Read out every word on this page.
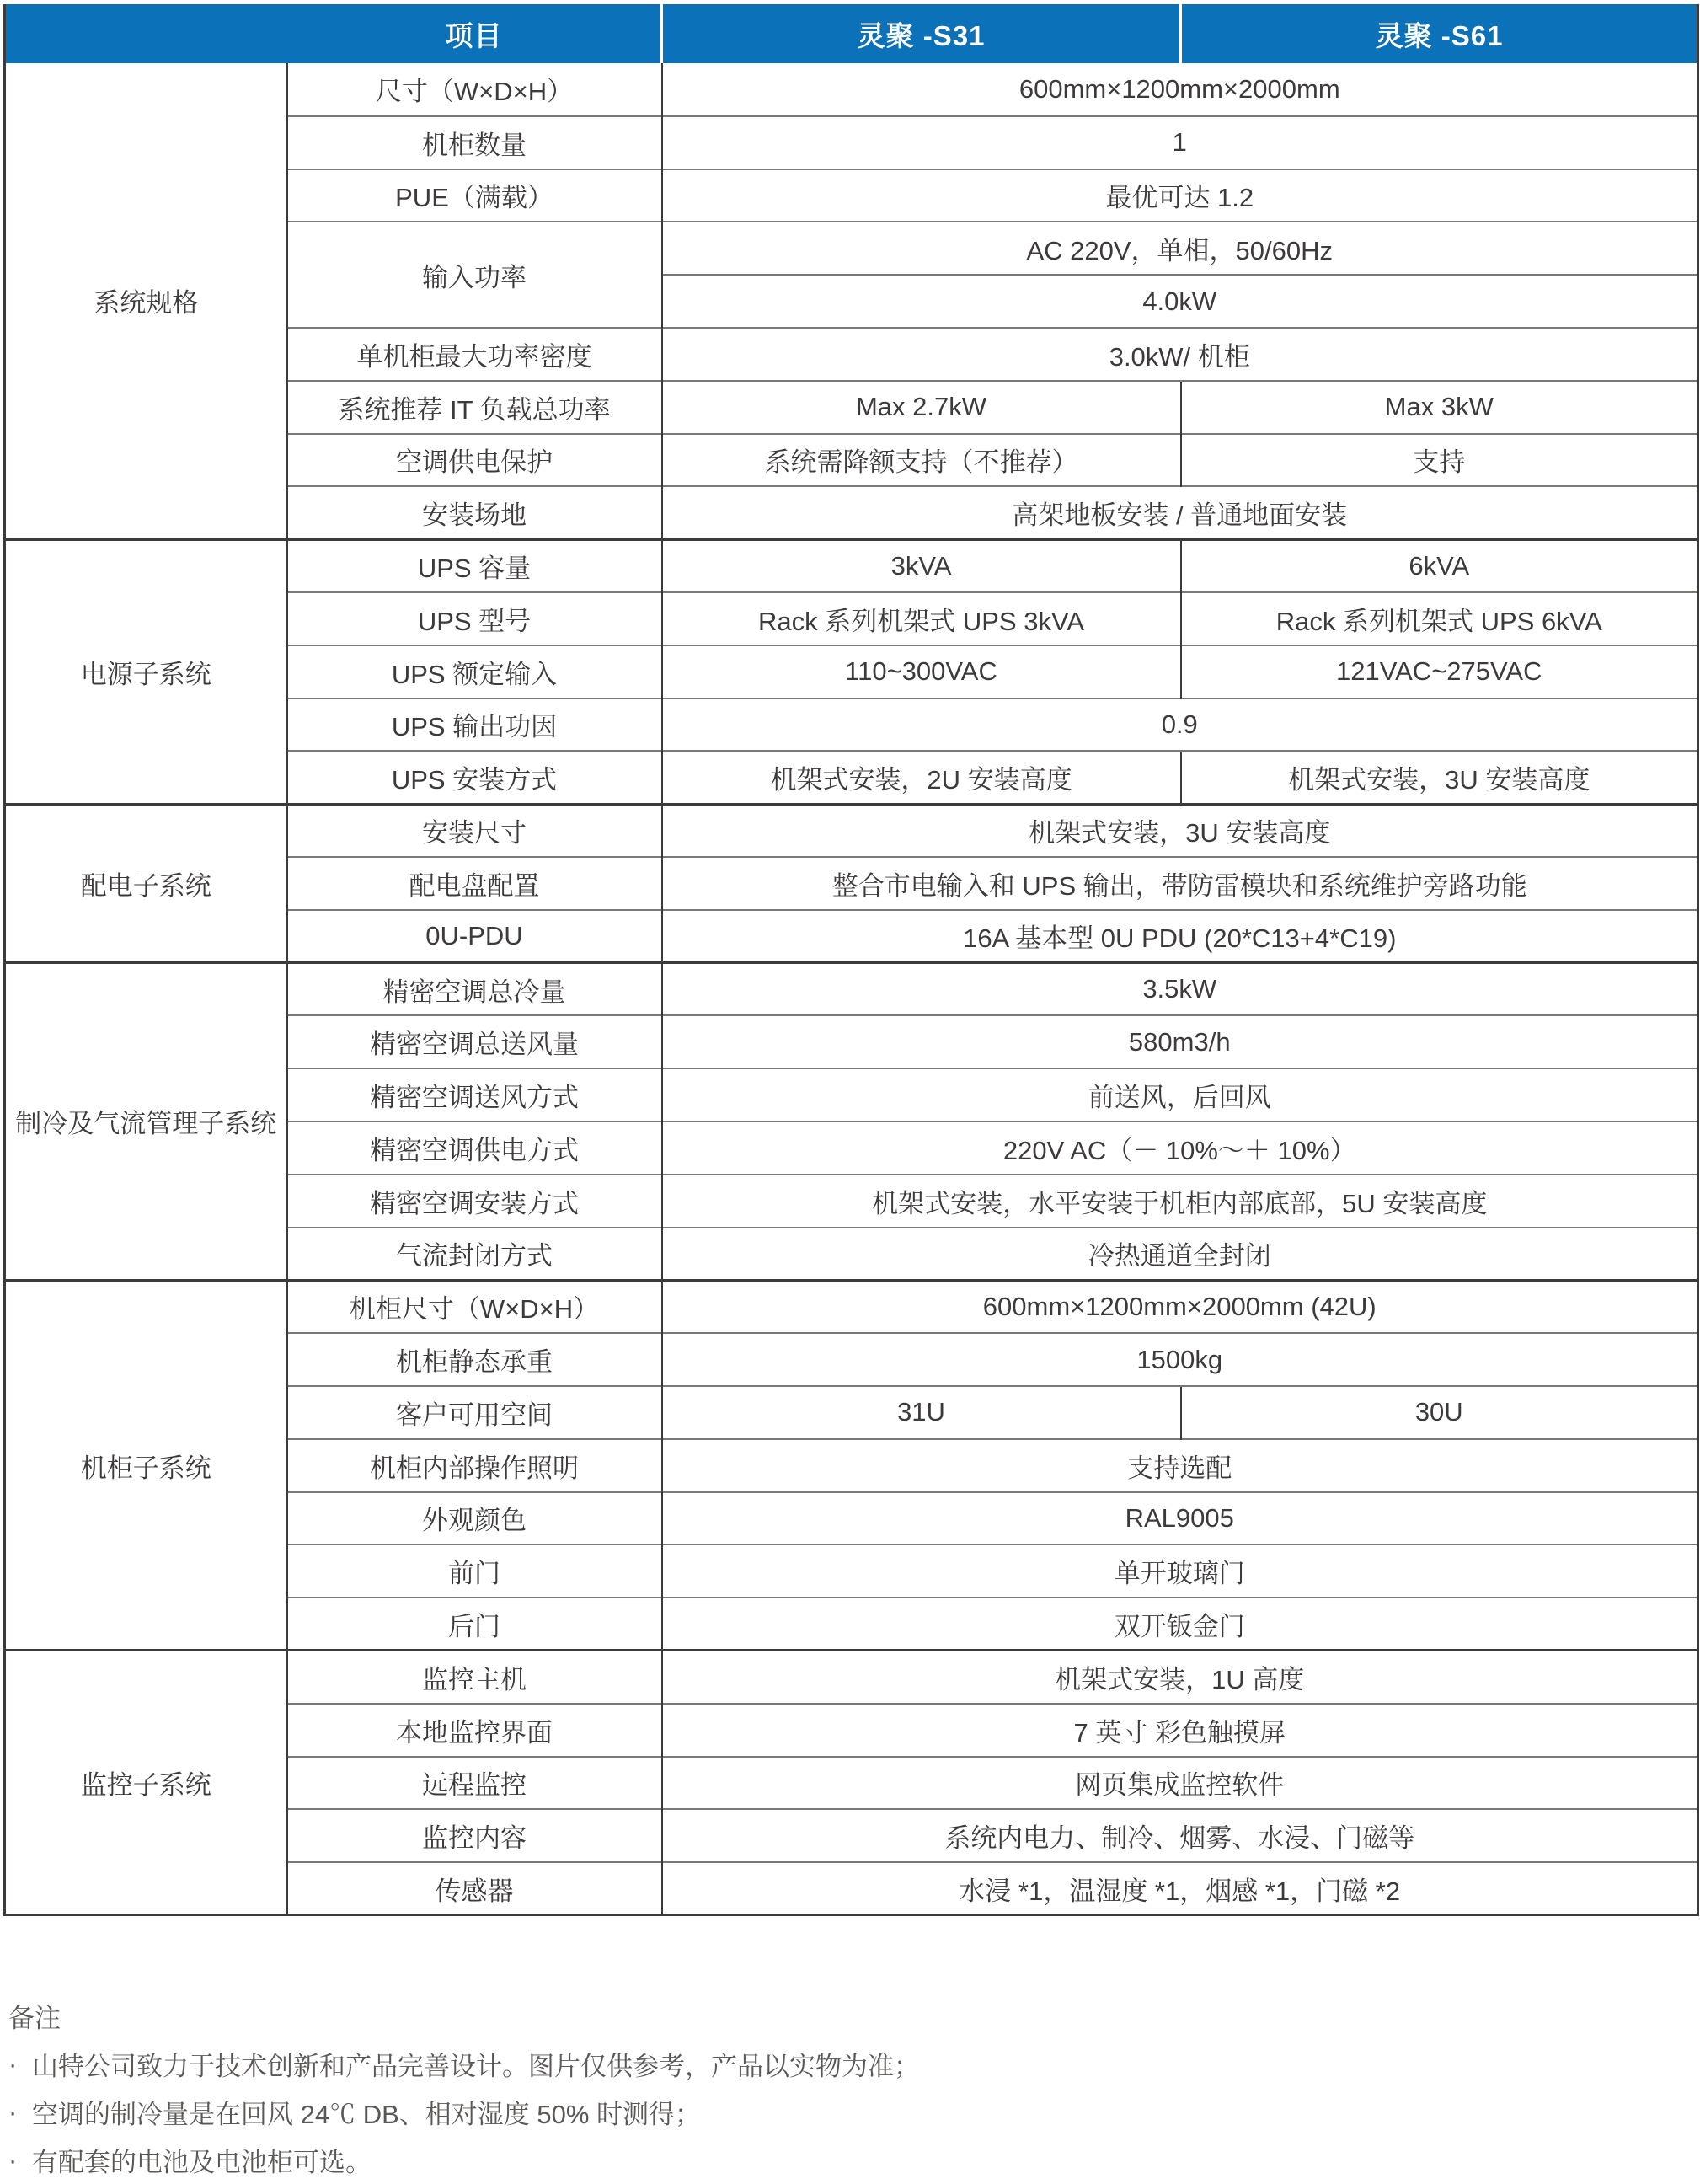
项目		灵聚 -S31	灵聚 -S61
系统规格	尺寸（W×D×H）	600mm×1200mm×2000mm	
	机柜数量	1	
	PUE（满载）	最优可达 1.2	
	输入功率	AC 220V，单相，50/60Hz	
		4.0kW	
	单机柜最大功率密度	3.0kW/ 机柜	
	系统推荐 IT 负载总功率	Max 2.7kW	Max 3kW
	空调供电保护	系统需降额支持（不推荐）	支持
	安装场地	高架地板安装 / 普通地面安装	
电源子系统	UPS 容量	3kVA	6kVA
	UPS 型号	Rack 系列机架式 UPS 3kVA	Rack 系列机架式 UPS 6kVA
	UPS 额定输入	110~300VAC	121VAC~275VAC
	UPS 输出功因	0.9	
	UPS 安装方式	机架式安装，2U 安装高度	机架式安装，3U 安装高度
配电子系统	安装尺寸	机架式安装，3U 安装高度	
	配电盘配置	整合市电输入和 UPS 输出，带防雷模块和系统维护旁路功能	
	0U-PDU	16A 基本型 0U PDU (20*C13+4*C19)	
制冷及气流管理子系统	精密空调总冷量	3.5kW	
	精密空调总送风量	580m3/h	
	精密空调送风方式	前送风，后回风	
	精密空调供电方式	220V AC（－ 10%～＋ 10%）	
	精密空调安装方式	机架式安装，水平安装于机柜内部底部，5U 安装高度	
	气流封闭方式	冷热通道全封闭	
机柜子系统	机柜尺寸（W×D×H）	600mm×1200mm×2000mm (42U)	
	机柜静态承重	1500kg	
	客户可用空间	31U	30U
	机柜内部操作照明	支持选配	
	外观颜色	RAL9005	
	前门	单开玻璃门	
	后门	双开钣金门	
监控子系统	监控主机	机架式安装，1U 高度	
	本地监控界面	7 英寸 彩色触摸屏	
	远程监控	网页集成监控软件	
	监控内容	系统内电力、制冷、烟雾、水浸、门磁等	
	传感器	水浸 *1，温湿度 *1，烟感 *1，门磁 *2	
备注
· 山特公司致力于技术创新和产品完善设计。图片仅供参考，产品以实物为准；
· 空调的制冷量是在回风 24℃ DB、相对湿度 50% 时测得；
· 有配套的电池及电池柜可选。
